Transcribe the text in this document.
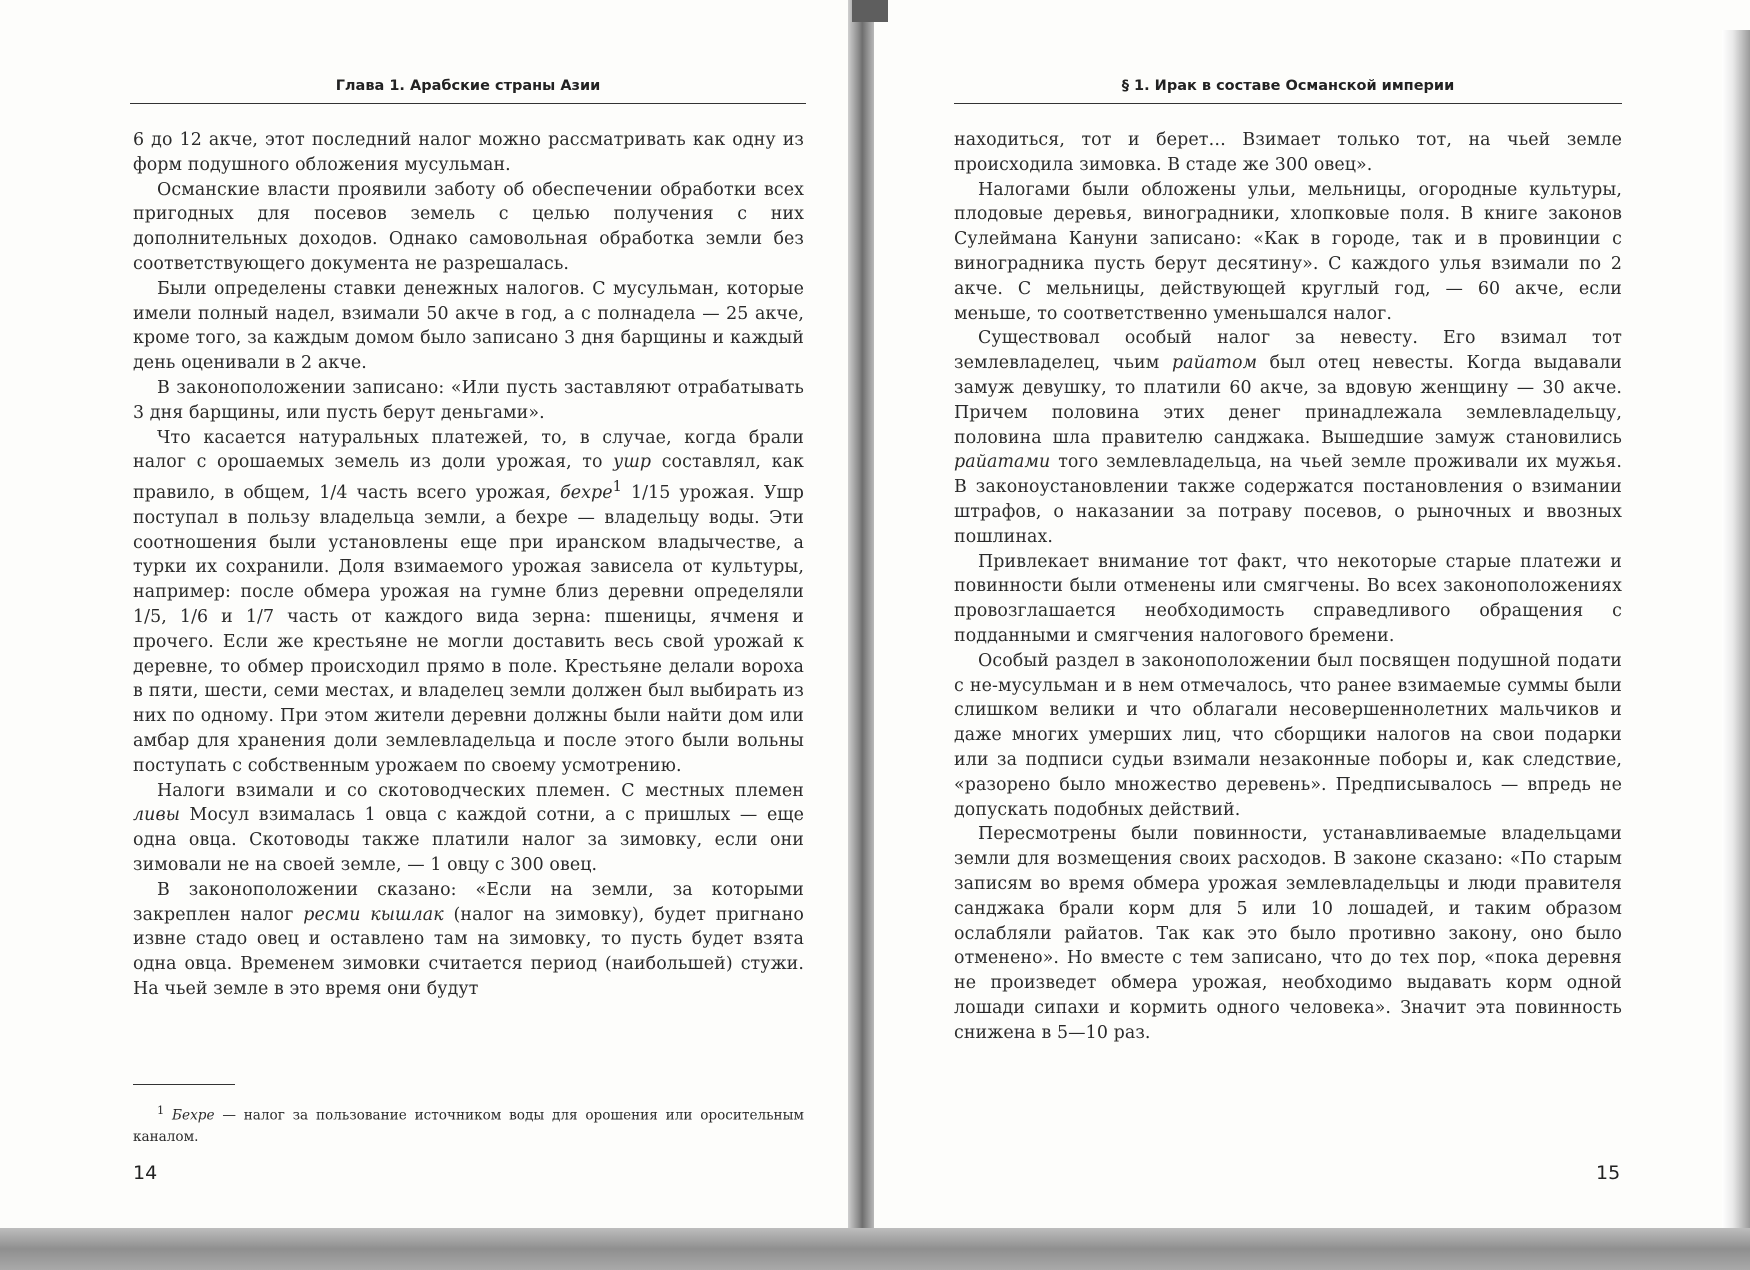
Глава 1. Арабские страны Азии

6 до 12 акче, этот последний налог можно рассматривать как одну из форм подушного обложения мусульман.

Османские власти проявили заботу об обеспечении обработки всех пригодных для посевов земель с целью получения с них дополнительных доходов. Однако самовольная обработка земли без соответствующего документа не разрешалась.

Были определены ставки денежных налогов. С мусульман, которые имели полный надел, взимали 50 акче в год, а с полнадела — 25 акче, кроме того, за каждым домом было записано 3 дня барщины и каждый день оценивали в 2 акче.

В законоположении записано: «Или пусть заставляют отрабатывать 3 дня барщины, или пусть берут деньгами».

Что касается натуральных платежей, то, в случае, когда брали налог с орошаемых земель из доли урожая, то ушр составлял, как правило, в общем, 1/4 часть всего урожая, бехре$^1$ 1/15 урожая. Ушр поступал в пользу владельца земли, а бехре — владельцу воды. Эти соотношения были установлены еще при иранском владычестве, а турки их сохранили. Доля взимаемого урожая зависела от культуры, например: после обмера урожая на гумне близ деревни определяли 1/5, 1/6 и 1/7 часть от каждого вида зерна: пшеницы, ячменя и прочего. Если же крестьяне не могли доставить весь свой урожай к деревне, то обмер происходил прямо в поле. Крестьяне делали вороха в пяти, шести, семи местах, и владелец земли должен был выбирать из них по одному. При этом жители деревни должны были найти дом или амбар для хранения доли землевладельца и после этого были вольны поступать с собственным урожаем по своему усмотрению.

Налоги взимали и со скотоводческих племен. С местных племен ливы Мосул взималась 1 овца с каждой сотни, а с пришлых — еще одна овца. Скотоводы также платили налог за зимовку, если они зимовали не на своей земле, — 1 овцу с 300 овец.

В законоположении сказано: «Если на земли, за которыми закреплен налог ресми кышлак (налог на зимовку), будет пригнано извне стадо овец и оставлено там на зимовку, то пусть будет взята одна овца. Временем зимовки считается период (наибольшей) стужи. На чьей земле в это время они будут

$^1$ Бехре — налог за пользование источником воды для орошения или оросительным каналом.

14
§ 1. Ирак в составе Османской империи

находиться, тот и берет… Взимает только тот, на чьей земле происходила зимовка. В стаде же 300 овец».

Налогами были обложены ульи, мельницы, огородные культуры, плодовые деревья, виноградники, хлопковые поля. В книге законов Сулеймана Кануни записано: «Как в городе, так и в провинции с виноградника пусть берут десятину». С каждого улья взимали по 2 акче. С мельницы, действующей круглый год, — 60 акче, если меньше, то соответственно уменьшался налог.

Существовал особый налог за невесту. Его взимал тот землевладелец, чьим райатом был отец невесты. Когда выдавали замуж девушку, то платили 60 акче, за вдовую женщину — 30 акче. Причем половина этих денег принадлежала землевладельцу, половина шла правителю санджака. Вышедшие замуж становились райатами того землевладельца, на чьей земле проживали их мужья. В законоустановлении также содержатся постановления о взимании штрафов, о наказании за потраву посевов, о рыночных и ввозных пошлинах.

Привлекает внимание тот факт, что некоторые старые платежи и повинности были отменены или смягчены. Во всех законоположениях провозглашается необходимость справедливого обращения с подданными и смягчения налогового бремени.

Особый раздел в законоположении был посвящен подушной подати с не-мусульман и в нем отмечалось, что ранее взимаемые суммы были слишком велики и что облагали несовершеннолетних мальчиков и даже многих умерших лиц, что сборщики налогов на свои подарки или за подписи судьи взимали незаконные поборы и, как следствие, «разорено было множество деревень». Предписывалось — впредь не допускать подобных действий.

Пересмотрены были повинности, устанавливаемые владельцами земли для возмещения своих расходов. В законе сказано: «По старым записям во время обмера урожая землевладельцы и люди правителя санджака брали корм для 5 или 10 лошадей, и таким образом ослабляли райатов. Так как это было противно закону, оно было отменено». Но вместе с тем записано, что до тех пор, «пока деревня не произведет обмера урожая, необходимо выдавать корм одной лошади сипахи и кормить одного человека». Значит эта повинность снижена в 5—10 раз.

15
